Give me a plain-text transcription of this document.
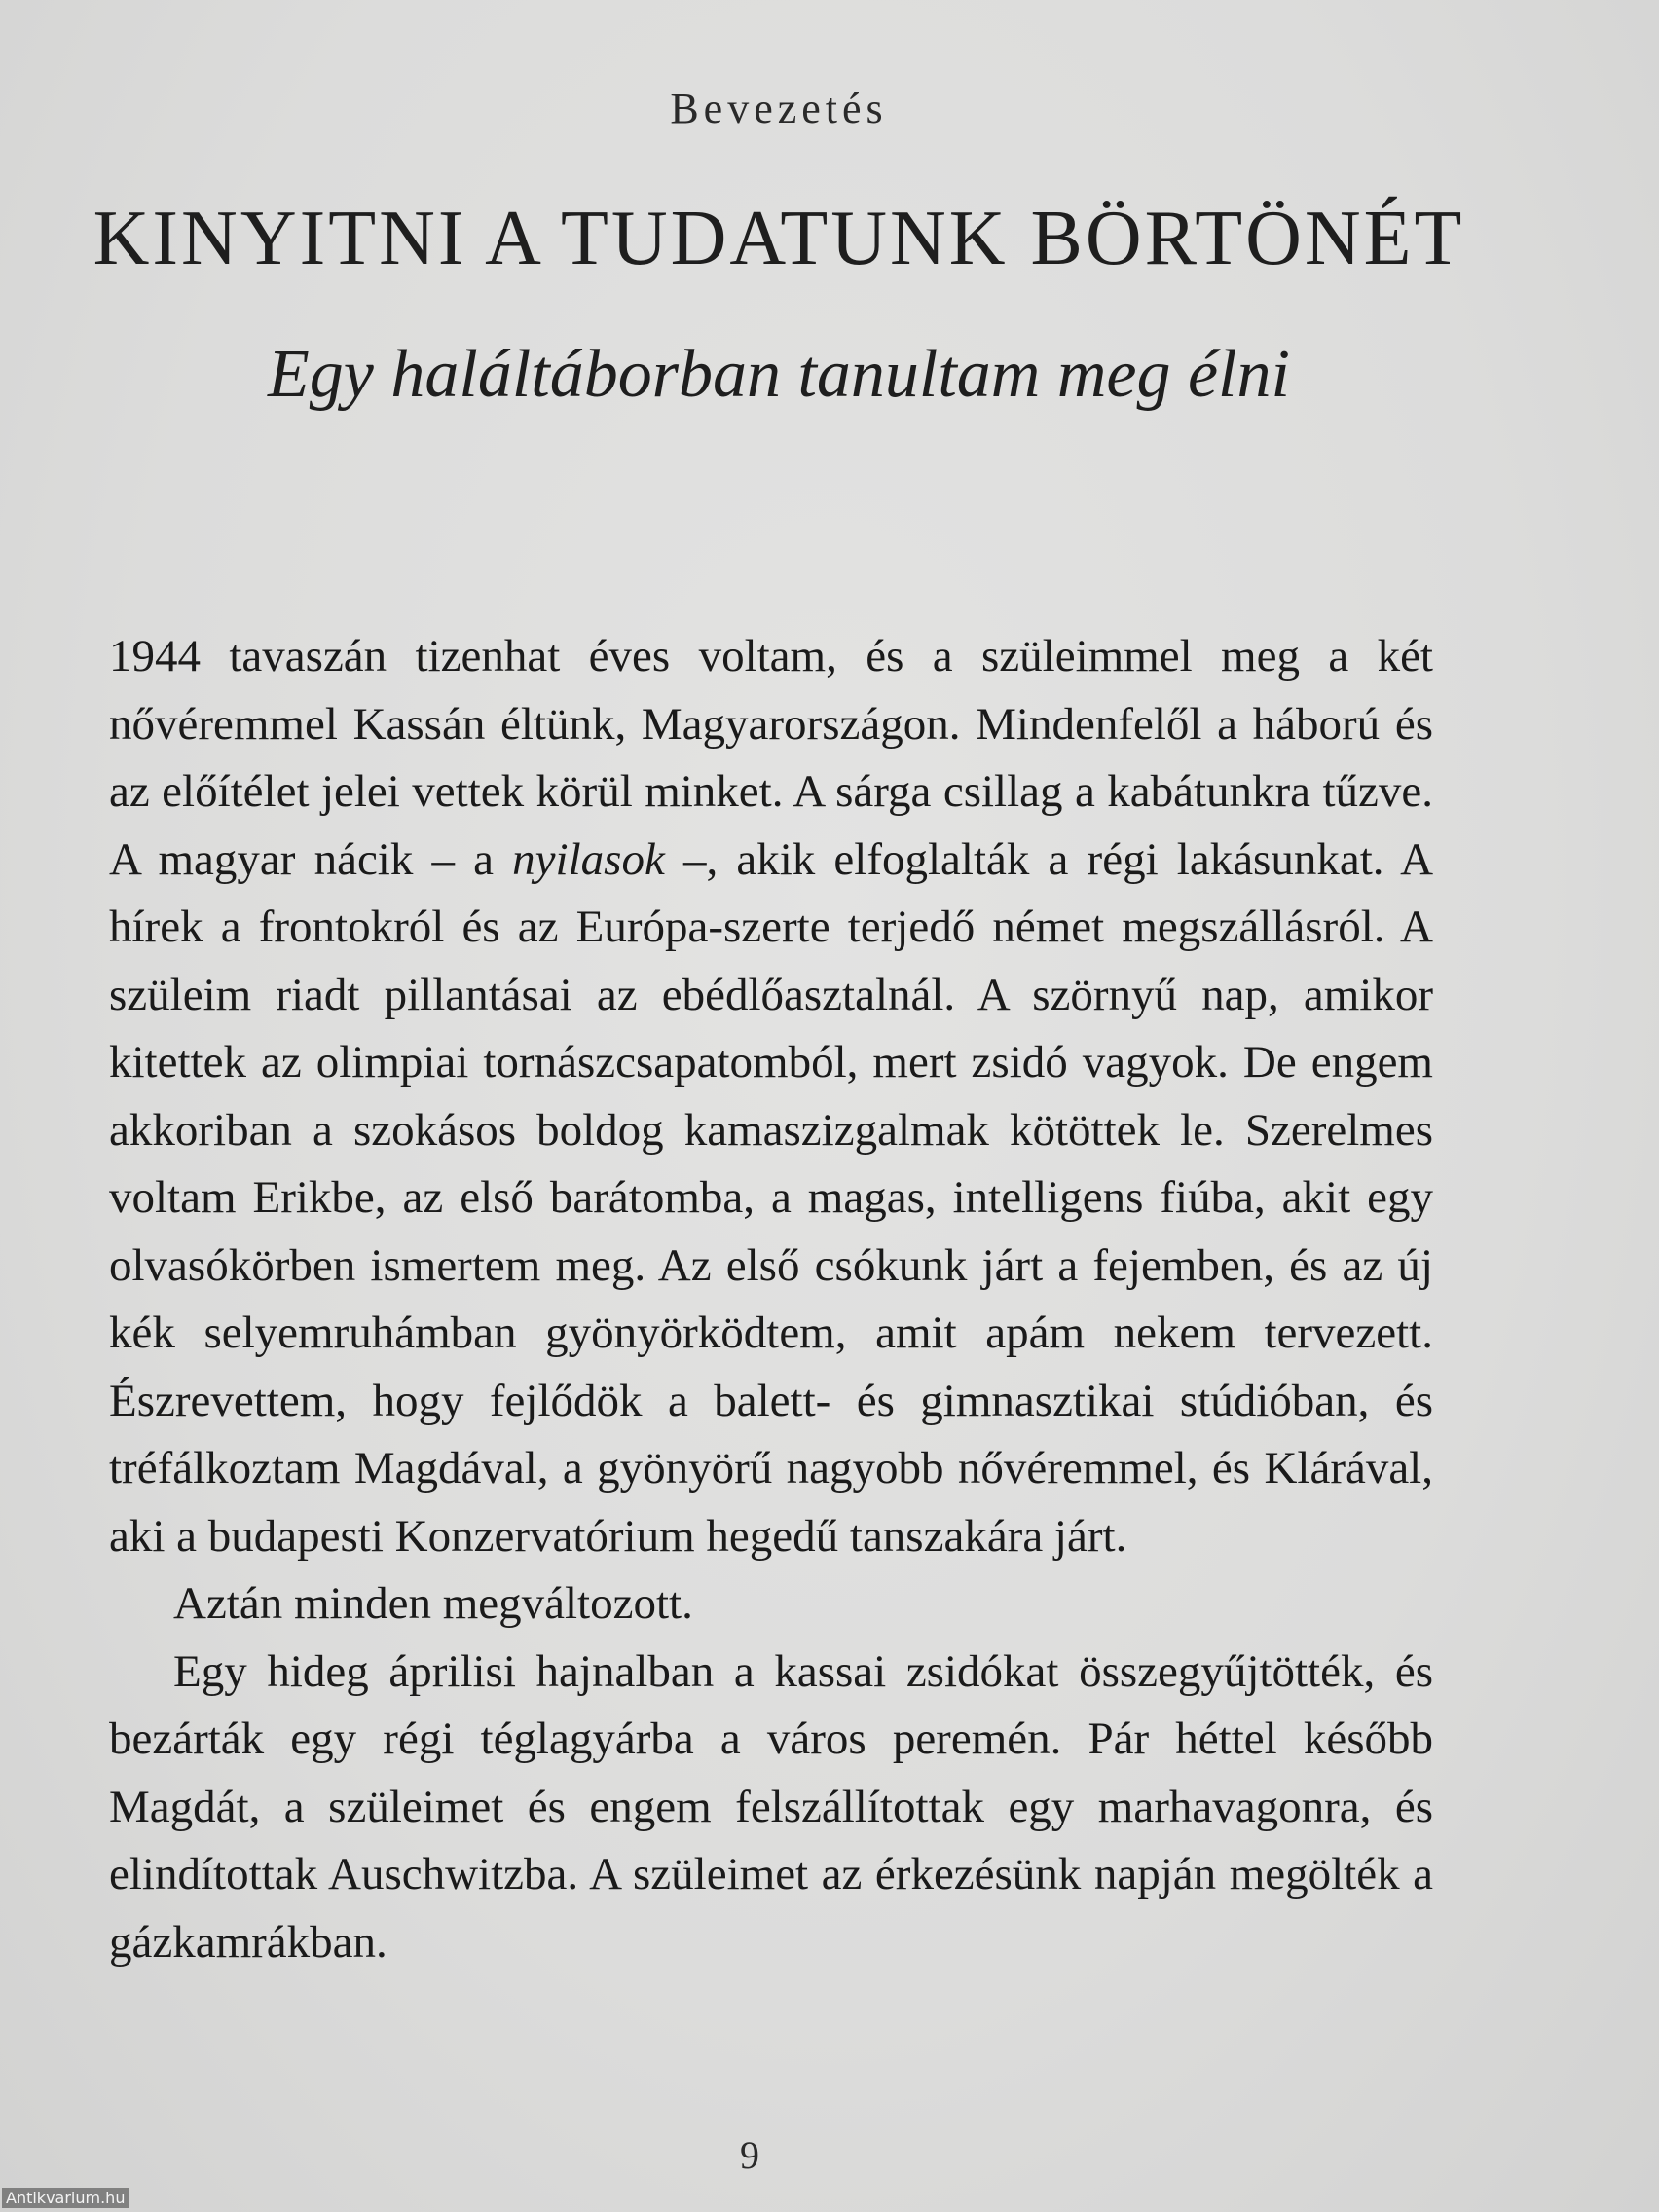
Bevezetés
KINYITNI A TUDATUNK BÖRTÖNÉT
Egy haláltáborban tanultam meg élni

1944 tavaszán tizenhat éves voltam, és a szüleimmel meg a két nővéremmel Kassán éltünk, Magyarországon. Mindenfelől a háború és az előítélet jelei vettek körül minket. A sárga csillag a kabátunkra tűzve. A magyar nácik – a nyilasok –, akik elfoglalták a régi lakásunkat. A hírek a frontokról és az Európa-szerte terjedő német megszállásról. A szüleim riadt pillantásai az ebédlőasztalnál. A szörnyű nap, amikor kitettek az olimpiai tornászcsapatomból, mert zsidó vagyok. De engem akkoriban a szokásos boldog kamaszizgalmak kötöttek le. Szerelmes voltam Erikbe, az első barátomba, a magas, intelligens fiúba, akit egy olvasókörben ismertem meg. Az első csókunk járt a fejemben, és az új kék selyemruhámban gyönyörködtem, amit apám nekem tervezett. Észrevettem, hogy fejlődök a balett- és gimnasztikai stúdióban, és tréfálkoztam Magdával, a gyönyörű nagyobb nővéremmel, és Klárával, aki a budapesti Konzervatórium hegedű tanszakára járt.

Aztán minden megváltozott.

Egy hideg áprilisi hajnalban a kassai zsidókat összegyűjtötték, és bezárták egy régi téglagyárba a város peremén. Pár héttel később Magdát, a szüleimet és engem felszállítottak egy marhavagonra, és elindítottak Auschwitzba. A szüleimet az érkezésünk napján megölték a gázkamrákban.

9
Antikvarium.hu
